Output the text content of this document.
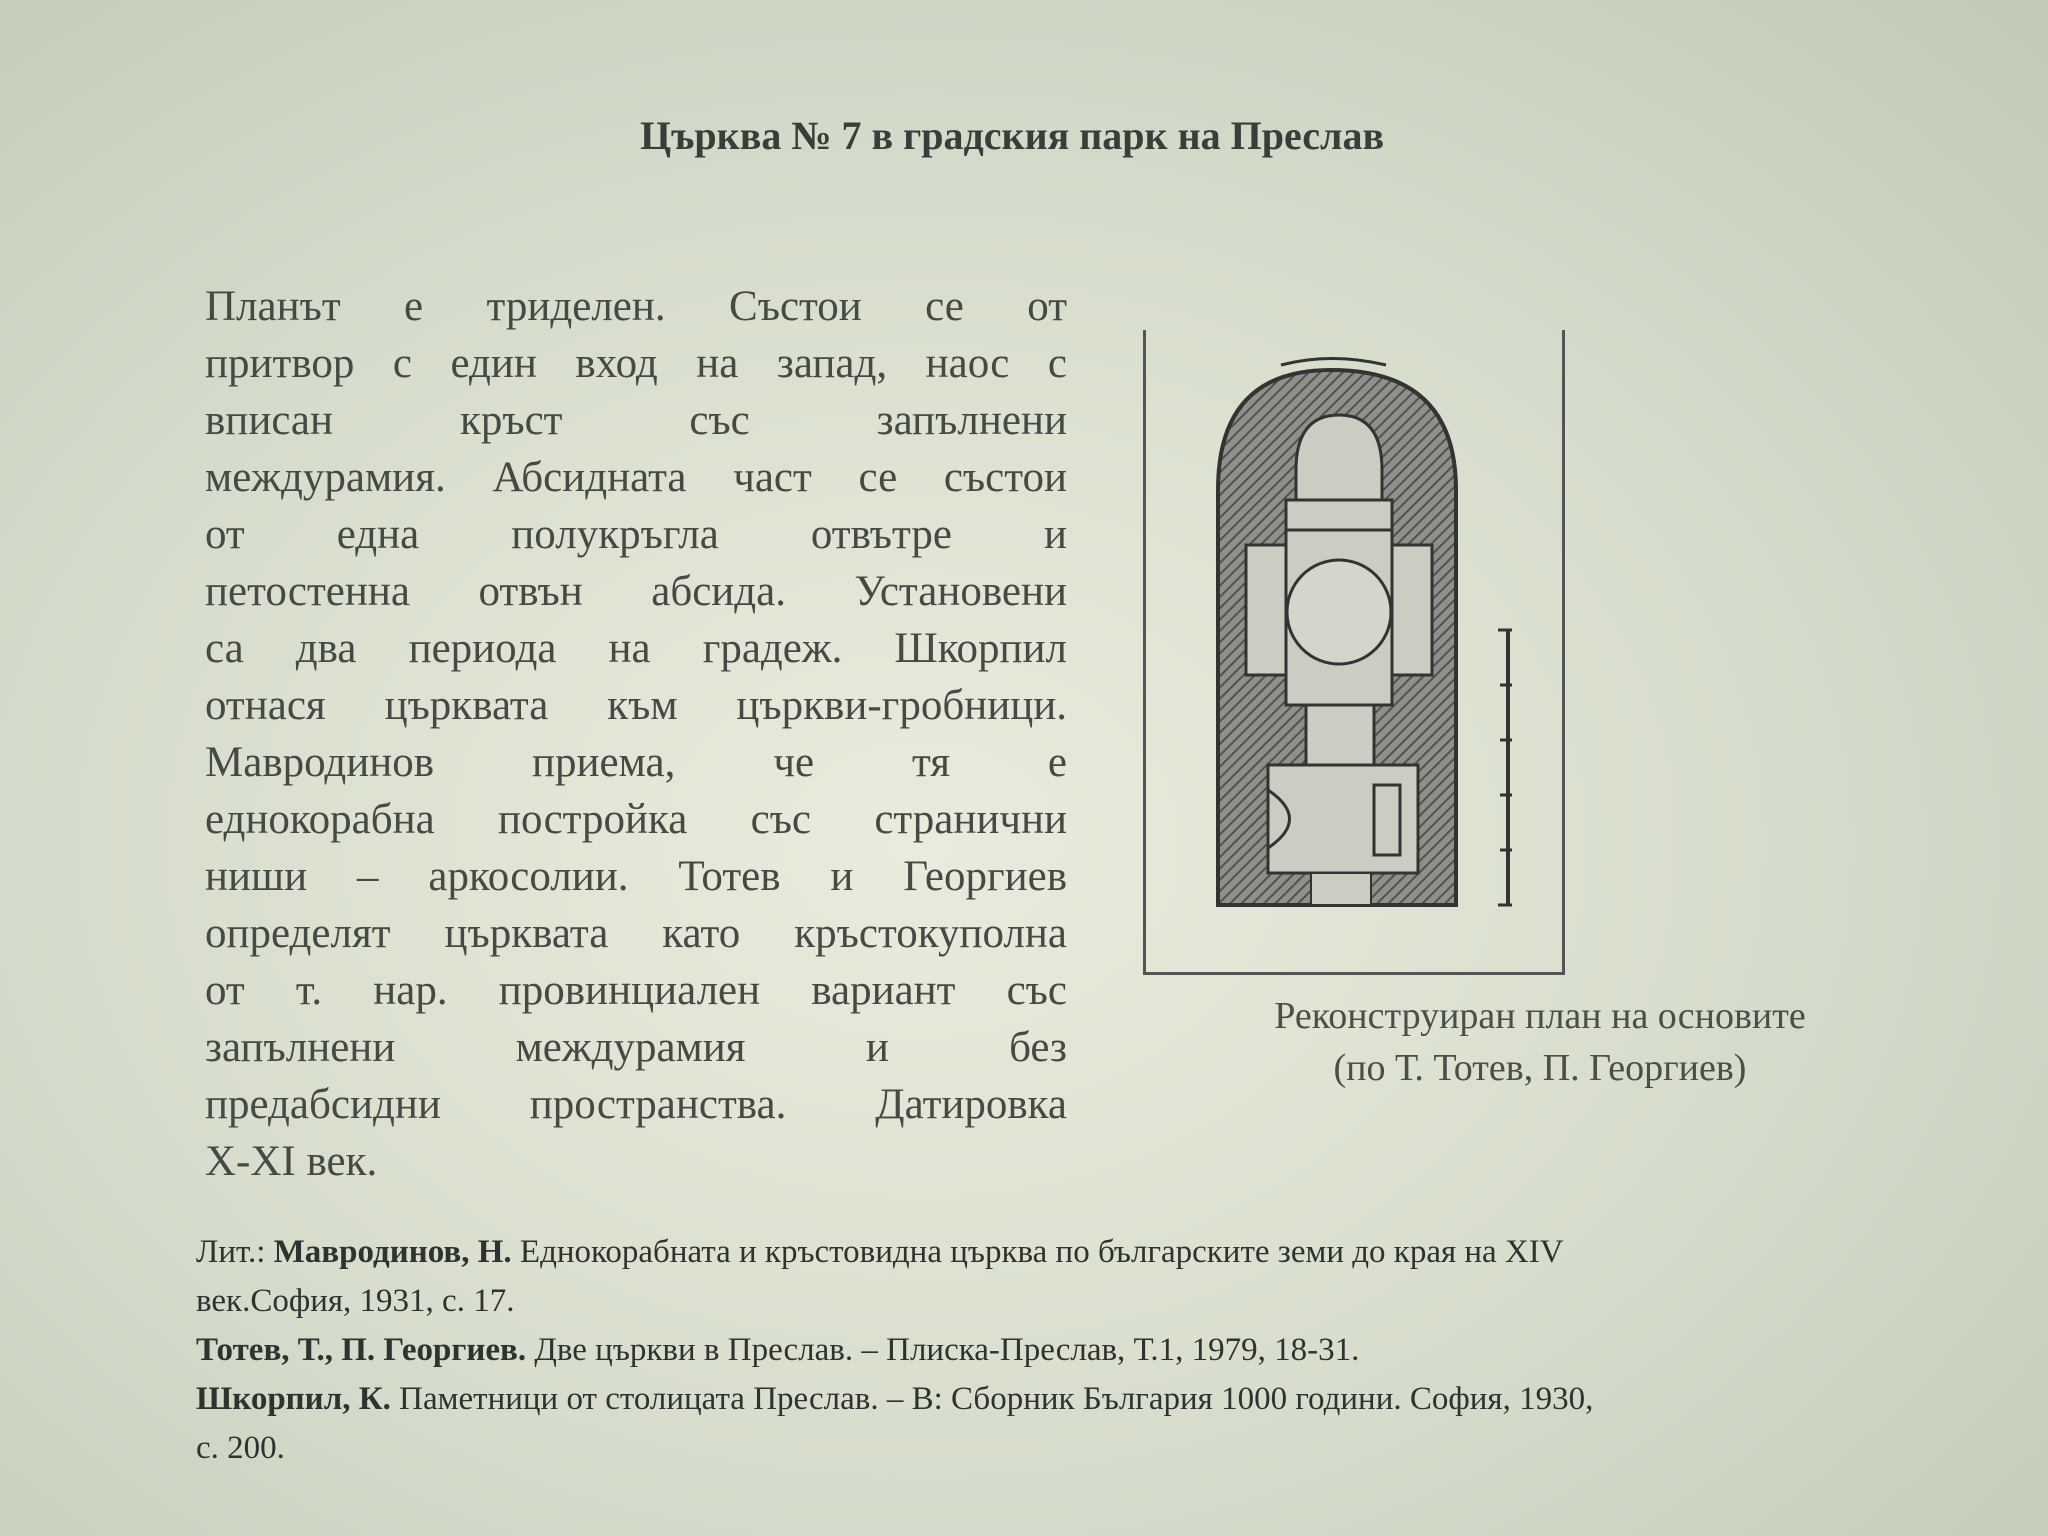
Църква № 7 в градския парк на Преслав
Планът е триделен. Състои се от
притвор с един вход на запад, наос с
вписан кръст със запълнени
междурамия. Абсидната част се състои
от една полукръгла отвътре и
петостенна отвън абсида. Установени
са два периода на градеж. Шкорпил
отнася църквата към църкви-гробници.
Мавродинов приема, че тя е
еднокорабна постройка със странични
ниши – аркосолии. Тотев и Георгиев
определят църквата като кръстокуполна
от т. нар. провинциален вариант със
запълнени междурамия и без
предабсидни пространства. Датировка
X-XI век.
Реконструиран план на основите
(по Т. Тотев, П. Георгиев)
Лит.: Мавродинов, Н. Еднокорабната и кръстовидна църква по българските земи до края на XIV
век.София, 1931, с. 17.
Тотев, Т., П. Георгиев. Две църкви в Преслав. – Плиска-Преслав, Т.1, 1979, 18-31.
Шкорпил, К. Паметници от столицата Преслав. – В: Сборник България 1000 години. София, 1930,
с. 200.
